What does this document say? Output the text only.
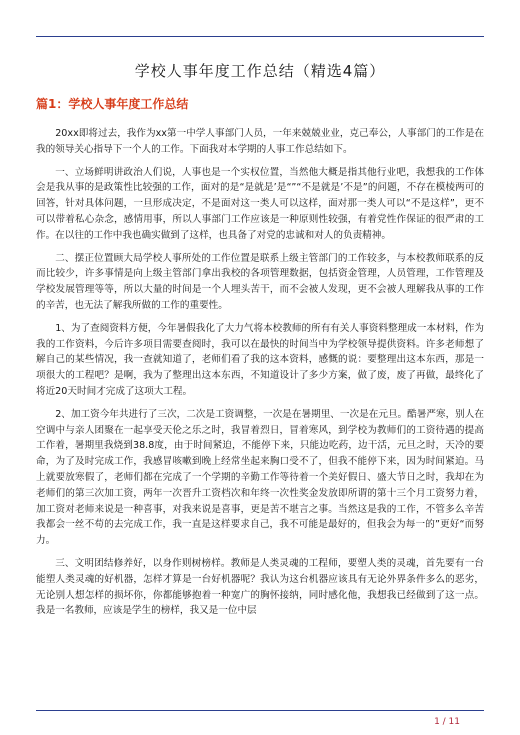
学校人事年度工作总结（精选4篇）
篇1：学校人事年度工作总结

20xx即将过去，我作为xx第一中学人事部门人员，一年来兢兢业业，克己奉公，人事部门的工作是在我的领导关心指导下一个人的工作。下面我对本学期的人事工作总结如下。

一、立场鲜明讲政治人们说，人事也是一个实权位置，当然他大概是指其他行业吧，我想我的工作体会是我从事的是政策性比较强的工作，面对的是“是就是’是“”“不是就是’不是”的问题，不存在模棱两可的回答，针对具体问题，一旦形成决定，不是面对这一类人可以这样，面对那一类人可以“不是这样”，更不可以带着私心杂念，感情用事，所以人事部门工作应该是一种原则性较强，有着党性作保证的很严肃的工作。在以往的工作中我也确实做到了这样，也具备了对党的忠诚和对人的负责精神。

二、摆正位置顾大局学校人事所处的工作位置是联系上级主管部门的工作较多，与本校教师联系的反而比较少，许多事情是向上级主管部门拿出我校的各项管理数据，包括资金管理，人员管理，工作管理及学校发展管理等等，所以大量的时间是一个人埋头苦干，而不会被人发现，更不会被人理解我从事的工作的辛苦，也无法了解我所做的工作的重要性。

1、为了查阅资料方便，今年暑假我化了大力气将本校教师的所有有关人事资料整理成一本材料，作为我的工作资料，今后许多项目需要查阅时，我可以在最快的时间当中为学校领导提供资料。许多老师想了解自己的某些情况，我一查就知道了，老师们看了我的这本资料，感慨的说：要整理出这本东西，那是一项很大的工程吧？是啊，我为了整理出这本东西，不知道设计了多少方案，做了废，废了再做，最终化了将近20天时间才完成了这项大工程。

2、加工资今年共进行了三次，二次是工资调整，一次是在暑期里、一次是在元旦。酷暑严寒，别人在空调中与亲人团聚在一起享受天伦之乐之时，我冒着烈日，冒着寒风，到学校为教师们的工资待遇的提高工作着，暑期里我烧到38.8度，由于时间紧迫，不能停下来，只能边吃药，边干活，元旦之时，天冷的要命，为了及时完成工作，我感冒咳嗽到晚上经常坐起来胸口受不了，但我不能停下来，因为时间紧迫。马上就要放寒假了，老师们都在完成了一个学期的辛勤工作等待着一个美好假日、盛大节日之时，我却在为老师们的第三次加工资，两年一次晋升工资档次和年终一次性奖金发放即所谓的第十三个月工资努力着，加工资对老师来说是一种喜事，对我来说是喜事，更是苦不堪言之事。当然这是我的工作，不管多么辛苦我都会一丝不苟的去完成工作，我一直是这样要求自己，我不可能是最好的，但我会为每一的”更好“而努力。

三、文明团结修养好，以身作则树榜样。教师是人类灵魂的工程师，要塑人类的灵魂，首先要有一台能塑人类灵魂的好机器，怎样才算是一台好机器呢？我认为这台机器应该具有无论外界条件多么的恶劣，无论别人想怎样的损坏你，你都能够抱着一种宽广的胸怀接纳，同时感化他，我想我已经做到了这一点。我是一名教师，应该是学生的榜样，我又是一位中层

1 / 11
